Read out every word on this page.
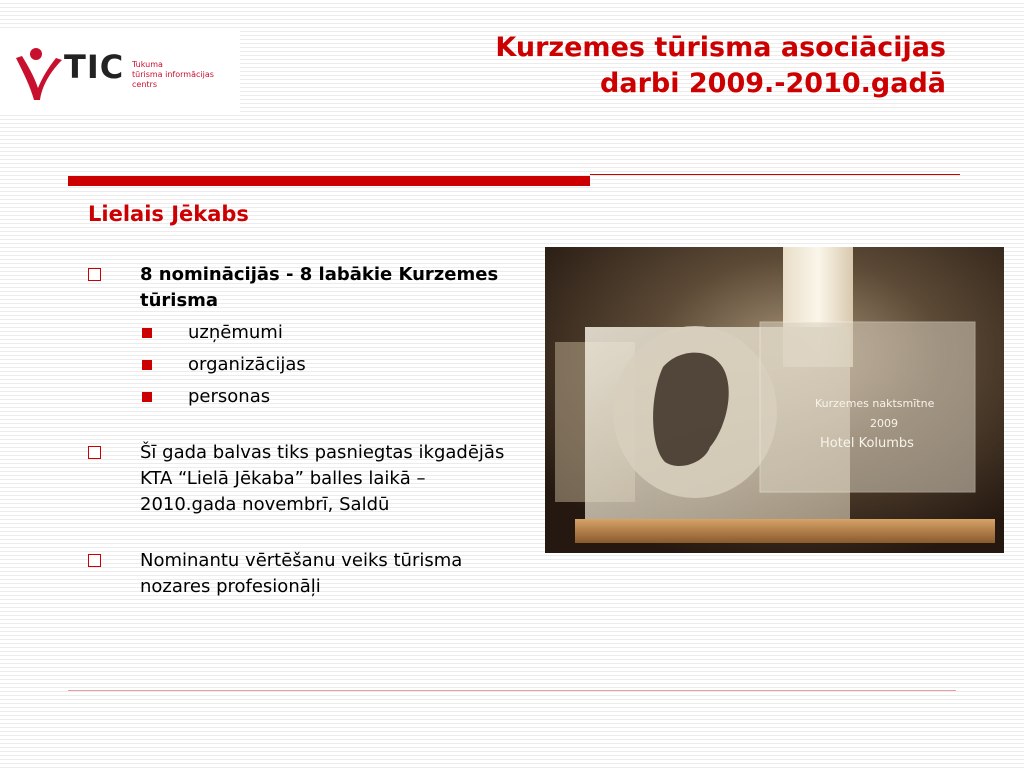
TIC Tukuma
tūrisma informācijas centrs
Kurzemes tūrisma asociācijas
darbi 2009.-2010.gadā
Lielais Jēkabs
8 nominācijās - 8 labākie Kurzemes tūrisma
uzņēmumi
organizācijas
personas
Šī gada balvas tiks pasniegtas ikgadējās KTA “Lielā Jēkaba” balles laikā – 2010.gada novembrī, Saldū
Nominantu vērtēšanu veiks tūrisma nozares profesionāļi
Kurzemes naktsmītne
2009
Hotel Kolumbs
